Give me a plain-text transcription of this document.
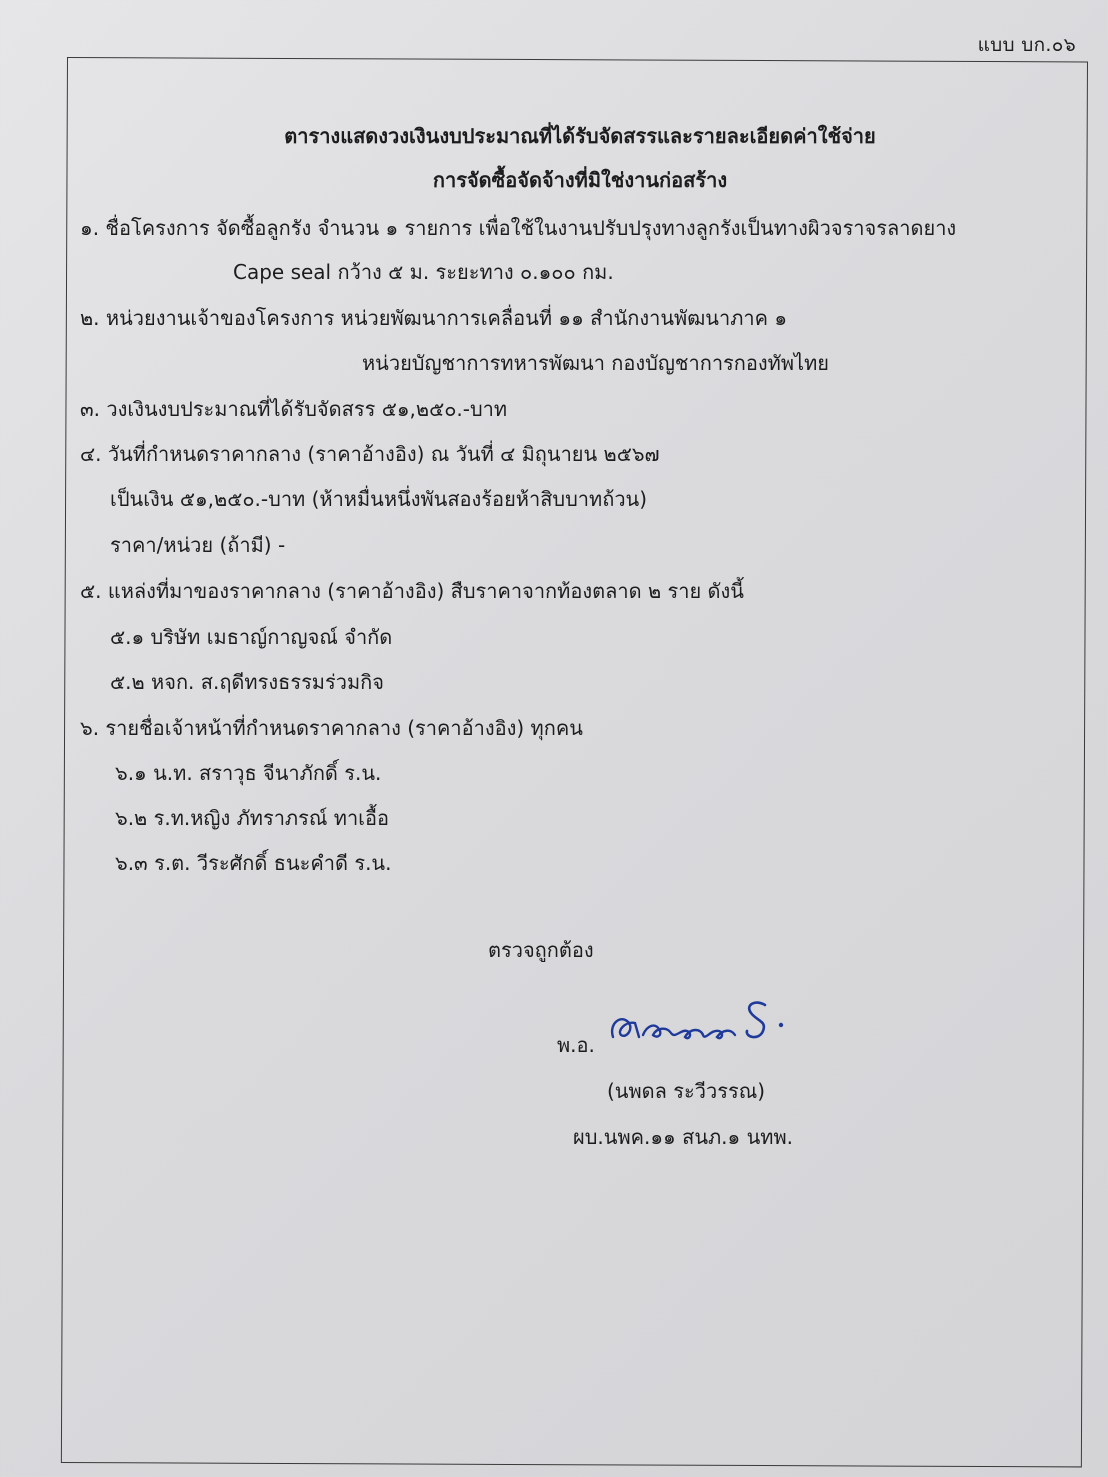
แบบ บก.๐๖
ตารางแสดงวงเงินงบประมาณที่ได้รับจัดสรรและรายละเอียดค่าใช้จ่าย
การจัดซื้อจัดจ้างที่มิใช่งานก่อสร้าง
๑. ชื่อโครงการ จัดซื้อลูกรัง จำนวน ๑ รายการ เพื่อใช้ในงานปรับปรุงทางลูกรังเป็นทางผิวจราจรลาดยาง
Cape seal กว้าง ๕ ม. ระยะทาง ๐.๑๐๐ กม.
๒. หน่วยงานเจ้าของโครงการ หน่วยพัฒนาการเคลื่อนที่ ๑๑ สำนักงานพัฒนาภาค ๑
หน่วยบัญชาการทหารพัฒนา กองบัญชาการกองทัพไทย
๓. วงเงินงบประมาณที่ได้รับจัดสรร ๕๑,๒๕๐.-บาท
๔. วันที่กำหนดราคากลาง (ราคาอ้างอิง) ณ วันที่ ๔ มิถุนายน ๒๕๖๗
เป็นเงิน ๕๑,๒๕๐.-บาท (ห้าหมื่นหนึ่งพันสองร้อยห้าสิบบาทถ้วน)
ราคา/หน่วย (ถ้ามี) -
๕. แหล่งที่มาของราคากลาง (ราคาอ้างอิง) สืบราคาจากท้องตลาด ๒ ราย ดังนี้
๕.๑ บริษัท เมธาญ์กาญจณ์ จำกัด
๕.๒ หจก. ส.ฤดีทรงธรรมร่วมกิจ
๖. รายชื่อเจ้าหน้าที่กำหนดราคากลาง (ราคาอ้างอิง) ทุกคน
๖.๑ น.ท. สราวุธ จีนาภักดิ์ ร.น.
๖.๒ ร.ท.หญิง ภัทราภรณ์ ทาเอื้อ
๖.๓ ร.ต. วีระศักดิ์ ธนะคำดี ร.น.
ตรวจถูกต้อง
พ.อ.
(นพดล ระวีวรรณ)
ผบ.นพค.๑๑ สนภ.๑ นทพ.
